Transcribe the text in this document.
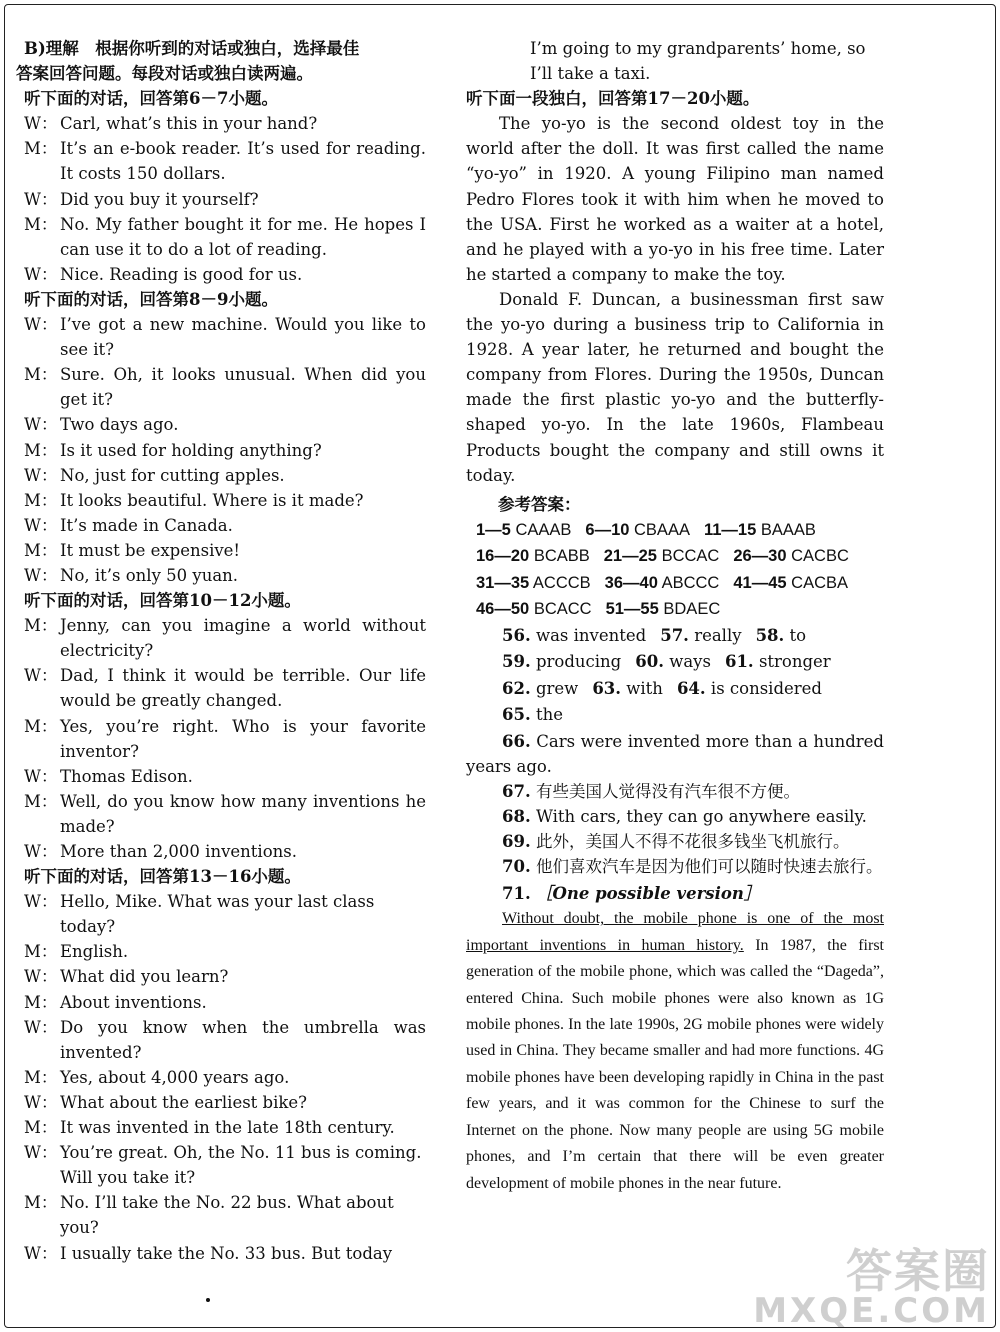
B)理解　根据你听到的对话或独白，选择最佳
答案回答问题。每段对话或独白读两遍。
听下面的对话，回答第6－7小题。
W： Carl, what’s this in your hand?
M： It’s an e-book reader. It’s used for reading. It costs 150 dollars.
W： Did you buy it yourself?
M： No. My father bought it for me. He hopes I can use it to do a lot of reading.
W： Nice. Reading is good for us.
听下面的对话，回答第8－9小题。
W： I’ve got a new machine. Would you like to see it?
M： Sure. Oh, it looks unusual. When did you get it?
W： Two days ago.
M： Is it used for holding anything?
W： No, just for cutting apples.
M： It looks beautiful. Where is it made?
W： It’s made in Canada.
M： It must be expensive!
W： No, it’s only 50 yuan.
听下面的对话，回答第10－12小题。
M： Jenny, can you imagine a world without electricity?
W： Dad, I think it would be terrible. Our life would be greatly changed.
M： Yes, you’re right. Who is your favorite inventor?
W： Thomas Edison.
M： Well, do you know how many inventions he made?
W： More than 2,000 inventions.
听下面的对话，回答第13－16小题。
W： Hello, Mike. What was your last class today?
M： English.
W： What did you learn?
M： About inventions.
W： Do you know when the umbrella was invented?
M： Yes, about 4,000 years ago.
W： What about the earliest bike?
M： It was invented in the late 18th century.
W： You’re great. Oh, the No. 11 bus is coming. Will you take it?
M： No. I’ll take the No. 22 bus. What about you?
W： I usually take the No. 33 bus. But today
I’m going to my grandparents’ home, so I’ll take a taxi.
听下面一段独白，回答第17－20小题。
The yo-yo is the second oldest toy in the world after the doll. It was first called the name “yo-yo” in 1920. A young Filipino man named Pedro Flores took it with him when he moved to the USA. First he worked as a waiter at a hotel, and he played with a yo-yo in his free time. Later he started a company to make the toy.
Donald F. Duncan, a businessman first saw the yo-yo during a business trip to California in 1928. A year later, he returned and bought the company from Flores. During the 1950s, Duncan made the first plastic yo-yo and the butterfly-shaped yo-yo. In the late 1960s, Flambeau Products bought the company and still owns it today.
参考答案：
1—5 CAAAB 6—10 CBAAA 11—15 BAAAB
16—20 BCABB 21—25 BCCAC 26—30 CACBC
31—35 ACCCB 36—40 ABCCC 41—45 CACBA
46—50 BCACC 51—55 BDAEC
56. was invented 57. really 58. to
59. producing 60. ways 61. stronger
62. grew 63. with 64. is considered
65. the
66. Cars were invented more than a hundred years ago.
67. 有些美国人觉得没有汽车很不方便。
68. With cars, they can go anywhere easily.
69. 此外，美国人不得不花很多钱坐飞机旅行。
70. 他们喜欢汽车是因为他们可以随时快速去旅行。
71. ［One possible version］
Without doubt, the mobile phone is one of the most important inventions in human history. In 1987, the first generation of the mobile phone, which was called the “Dageda”, entered China. Such mobile phones were also known as 1G mobile phones. In the late 1990s, 2G mobile phones were widely used in China. They became smaller and had more functions. 4G mobile phones have been developing rapidly in China in the past few years, and it was common for the Chinese to surf the Internet on the phone. Now many people are using 5G mobile phones, and I’m certain that there will be even greater development of mobile phones in the near future.
答案圈
MXQE.COM
